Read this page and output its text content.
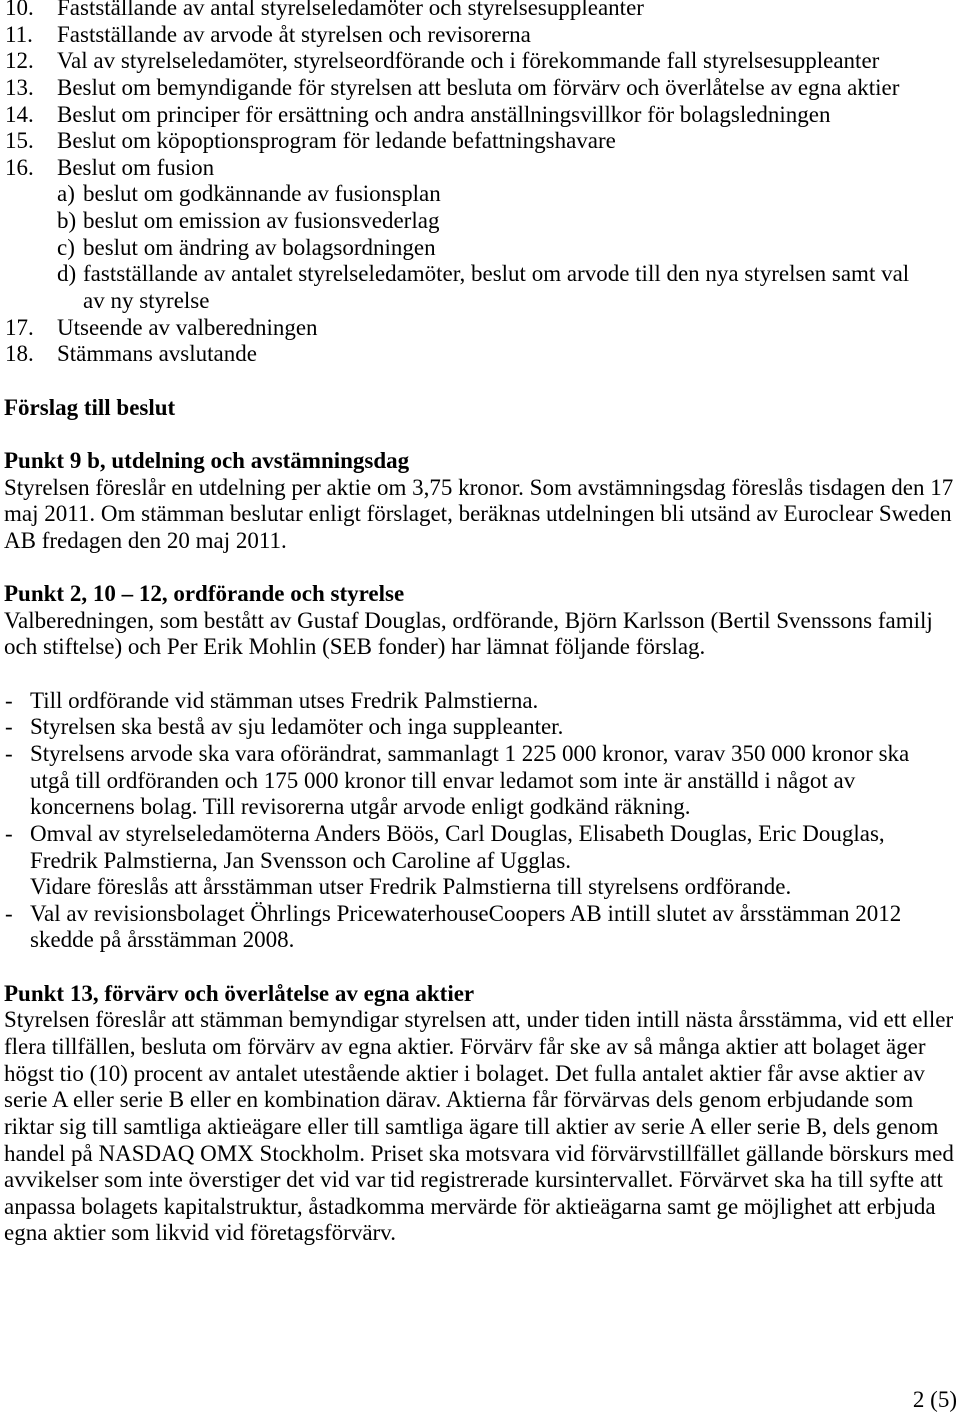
10. Fastställande av antal styrelseledamöter och styrelsesuppleanter
11. Fastställande av arvode åt styrelsen och revisorerna
12. Val av styrelseledamöter, styrelseordförande och i förekommande fall styrelsesuppleanter
13. Beslut om bemyndigande för styrelsen att besluta om förvärv och överlåtelse av egna aktier
14. Beslut om principer för ersättning och andra anställningsvillkor för bolagsledningen
15. Beslut om köpoptionsprogram för ledande befattningshavare
16. Beslut om fusion
a) beslut om godkännande av fusionsplan
b) beslut om emission av fusionsvederlag
c) beslut om ändring av bolagsordningen
d) fastställande av antalet styrelseledamöter, beslut om arvode till den nya styrelsen samt val
av ny styrelse
17. Utseende av valberedningen
18. Stämmans avslutande
Förslag till beslut
Punkt 9 b, utdelning och avstämningsdag
Styrelsen föreslår en utdelning per aktie om 3,75 kronor. Som avstämningsdag föreslås tisdagen den 17
maj 2011. Om stämman beslutar enligt förslaget, beräknas utdelningen bli utsänd av Euroclear Sweden
AB fredagen den 20 maj 2011.
Punkt 2, 10 – 12, ordförande och styrelse
Valberedningen, som bestått av Gustaf Douglas, ordförande, Björn Karlsson (Bertil Svenssons familj
och stiftelse) och Per Erik Mohlin (SEB fonder) har lämnat följande förslag.
- Till ordförande vid stämman utses Fredrik Palmstierna.
- Styrelsen ska bestå av sju ledamöter och inga suppleanter.
- Styrelsens arvode ska vara oförändrat, sammanlagt 1 225 000 kronor, varav 350 000 kronor ska
utgå till ordföranden och 175 000 kronor till envar ledamot som inte är anställd i något av
koncernens bolag. Till revisorerna utgår arvode enligt godkänd räkning.
- Omval av styrelseledamöterna Anders Böös, Carl Douglas, Elisabeth Douglas, Eric Douglas,
Fredrik Palmstierna, Jan Svensson och Caroline af Ugglas.
Vidare föreslås att årsstämman utser Fredrik Palmstierna till styrelsens ordförande.
- Val av revisionsbolaget Öhrlings PricewaterhouseCoopers AB intill slutet av årsstämman 2012
skedde på årsstämman 2008.
Punkt 13, förvärv och överlåtelse av egna aktier
Styrelsen föreslår att stämman bemyndigar styrelsen att, under tiden intill nästa årsstämma, vid ett eller
flera tillfällen, besluta om förvärv av egna aktier. Förvärv får ske av så många aktier att bolaget äger
högst tio (10) procent av antalet utestående aktier i bolaget. Det fulla antalet aktier får avse aktier av
serie A eller serie B eller en kombination därav. Aktierna får förvärvas dels genom erbjudande som
riktar sig till samtliga aktieägare eller till samtliga ägare till aktier av serie A eller serie B, dels genom
handel på NASDAQ OMX Stockholm. Priset ska motsvara vid förvärvstillfället gällande börskurs med
avvikelser som inte överstiger det vid var tid registrerade kursintervallet. Förvärvet ska ha till syfte att
anpassa bolagets kapitalstruktur, åstadkomma mervärde för aktieägarna samt ge möjlighet att erbjuda
egna aktier som likvid vid företagsförvärv.
2 (5)
